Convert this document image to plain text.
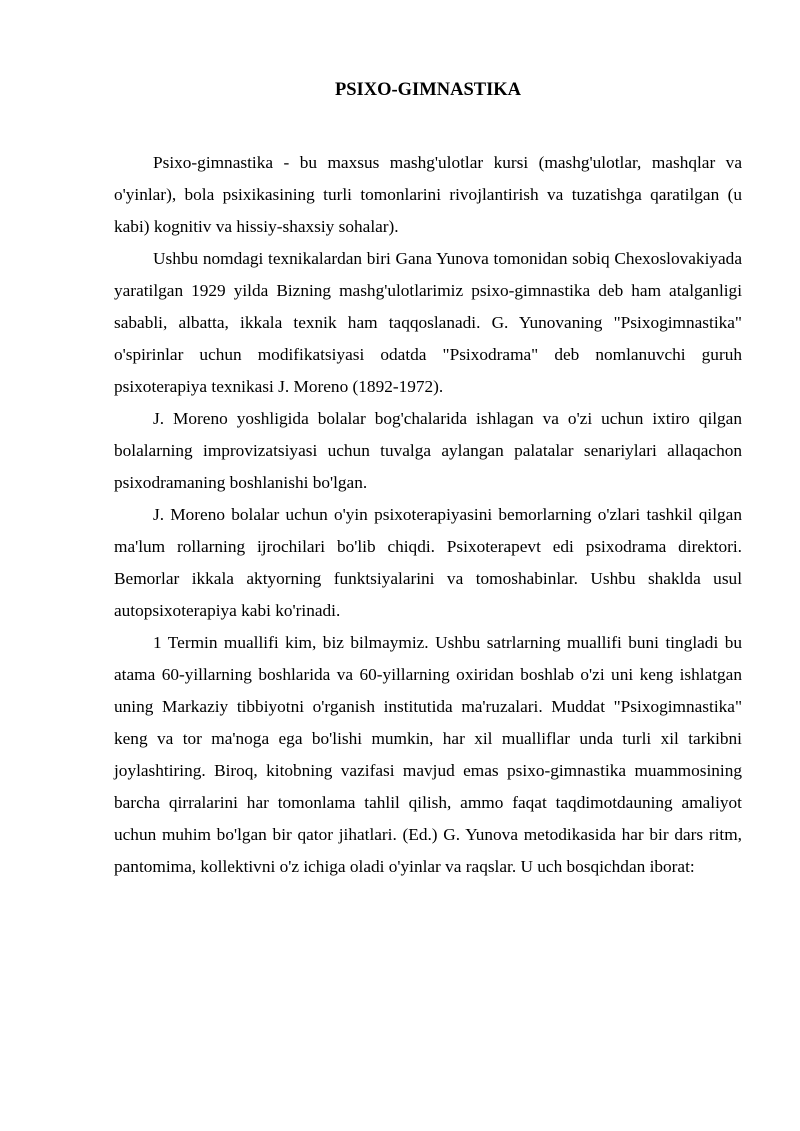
PSIXO-GIMNASTIKA

Psixo-gimnastika - bu maxsus mashg'ulotlar kursi (mashg'ulotlar, mashqlar va o'yinlar), bola psixikasining turli tomonlarini rivojlantirish va tuzatishga qaratilgan (u kabi) kognitiv va hissiy-shaxsiy sohalar).

Ushbu nomdagi texnikalardan biri Gana Yunova tomonidan sobiq Chexoslovakiyada yaratilgan 1929 yilda Bizning mashg'ulotlarimiz psixo-gimnastika deb ham atalganligi sababli, albatta, ikkala texnik ham taqqoslanadi. G. Yunovaning "Psixogimnastika" o'spirinlar uchun modifikatsiyasi odatda "Psixodrama" deb nomlanuvchi guruh psixoterapiya texnikasi J. Moreno (1892-1972).

J. Moreno yoshligida bolalar bog'chalarida ishlagan va o'zi uchun ixtiro qilgan bolalarning improvizatsiyasi uchun tuvalga aylangan palatalar senariylari allaqachon psixodramaning boshlanishi bo'lgan.

J. Moreno bolalar uchun o'yin psixoterapiyasini bemorlarning o'zlari tashkil qilgan ma'lum rollarning ijrochilari bo'lib chiqdi. Psixoterapevt edi psixodrama direktori. Bemorlar ikkala aktyorning funktsiyalarini va tomoshabinlar. Ushbu shaklda usul autopsixoterapiya kabi ko'rinadi.

1 Termin muallifi kim, biz bilmaymiz. Ushbu satrlarning muallifi buni tingladi bu atama 60-yillarning boshlarida va 60-yillarning oxiridan boshlab o'zi uni keng ishlatgan uning Markaziy tibbiyotni o'rganish institutida ma'ruzalari. Muddat "Psixogimnastika" keng va tor ma'noga ega bo'lishi mumkin, har xil mualliflar unda turli xil tarkibni joylashtiring. Biroq, kitobning vazifasi mavjud emas psixo-gimnastika muammosining barcha qirralarini har tomonlama tahlil qilish, ammo faqat taqdimotdauning amaliyot uchun muhim bo'lgan bir qator jihatlari. (Ed.) G. Yunova metodikasida har bir dars ritm, pantomima, kollektivni o'z ichiga oladi o'yinlar va raqslar. U uch bosqichdan iborat:
